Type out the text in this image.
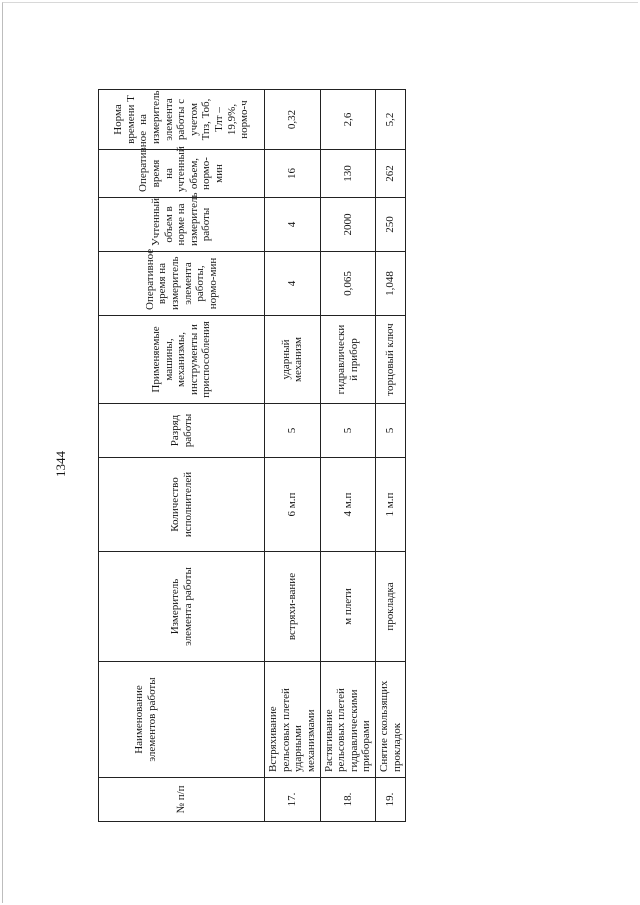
1344
№ п/п	Наименование элементов работы	Измеритель элемента работы	Количество исполнителей	Разряд работы	Применяемые машины, механизмы, инструменты и приспособления	Оперативное время на измеритель элемента работы, нормо-мин	Учтенный объем в норме на измеритель работы	Оперативное время на учтенный объем, нормо-мин	Норма времени Т на измеритель элемента работы с учетом Тпз, Тоб, Тлт – 19,9%, нормо-ч
17.	Встряхивание рельсовых плетей ударными механизмами	встряхи-вание	6 м.п	5	ударный механизм	4	4	16	0,32
18.	Растягивание рельсовых плетей гидравлическими приборами	м плети	4 м.п	5	гидравлически й прибор	0,065	2000	130	2,6
19.	Снятие скользящих прокладок	прокладка	1 м.п	5	торцовый ключ	1,048	250	262	5,2
